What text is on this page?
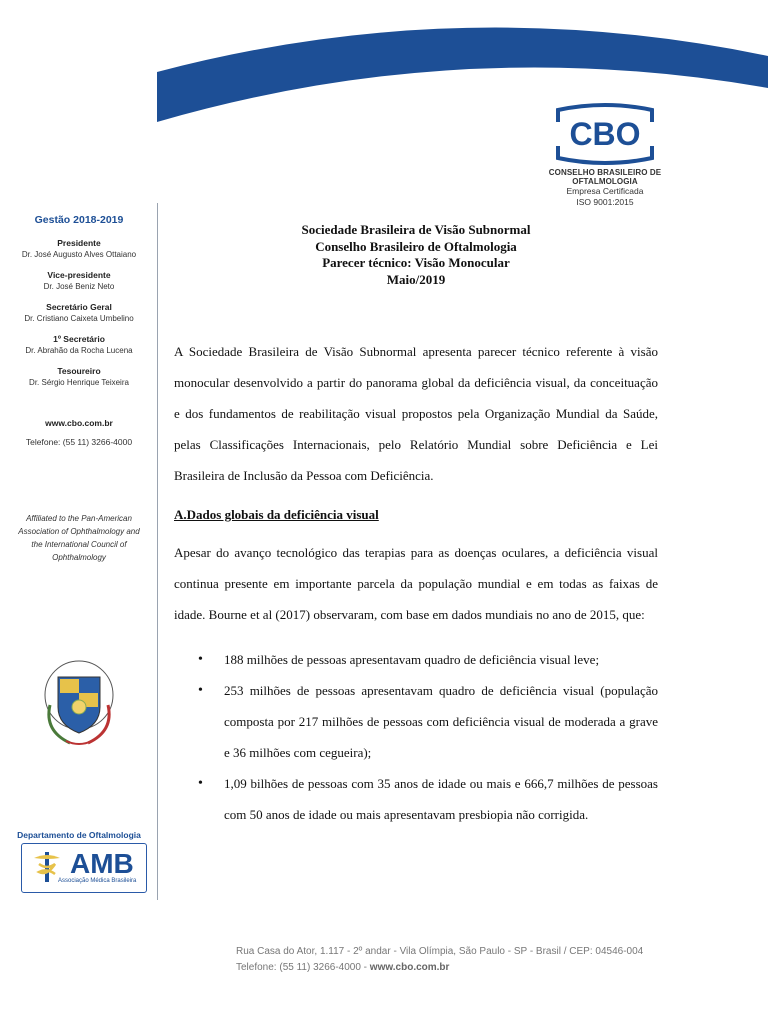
CBO
CONSELHO BRASILEIRO DE OFTALMOLOGIA
Empresa Certificada
ISO 9001:2015
Gestão 2018-2019
Presidente
Dr. José Augusto Alves Ottaiano
Vice-presidente
Dr. José Beniz Neto
Secretário Geral
Dr. Cristiano Caixeta Umbelino
1º Secretário
Dr. Abrahão da Rocha Lucena
Tesoureiro
Dr. Sérgio Henrique Teixeira
www.cbo.com.br
Telefone: (55 11) 3266-4000
Affiliated to the Pan-American Association of Ophthalmology and the International Council of Ophthalmology
Departamento de Oftalmologia
AMB
Associação Médica Brasileira
Sociedade Brasileira de Visão Subnormal
Conselho Brasileiro de Oftalmologia
Parecer técnico: Visão Monocular
Maio/2019

A Sociedade Brasileira de Visão Subnormal apresenta parecer técnico referente à visão monocular desenvolvido a partir do panorama global da deficiência visual, da conceituação e dos fundamentos de reabilitação visual propostos pela Organização Mundial da Saúde, pelas Classificações Internacionais, pelo Relatório Mundial sobre Deficiência e Lei Brasileira de Inclusão da Pessoa com Deficiência.

A.Dados globais da deficiência visual

Apesar do avanço tecnológico das terapias para as doenças oculares, a deficiência visual continua presente em importante parcela da população mundial e em todas as faixas de idade. Bourne et al (2017) observaram, com base em dados mundiais no ano de 2015, que:

• 188 milhões de pessoas apresentavam quadro de deficiência visual leve;
• 253 milhões de pessoas apresentavam quadro de deficiência visual (população composta por 217 milhões de pessoas com deficiência visual de moderada a grave e 36 milhões com cegueira);
• 1,09 bilhões de pessoas com 35 anos de idade ou mais e 666,7 milhões de pessoas com 50 anos de idade ou mais apresentavam presbiopia não corrigida.
Rua Casa do Ator, 1.117 - 2º andar - Vila Olímpia, São Paulo - SP - Brasil / CEP: 04546-004
Telefone: (55 11) 3266-4000 - www.cbo.com.br
